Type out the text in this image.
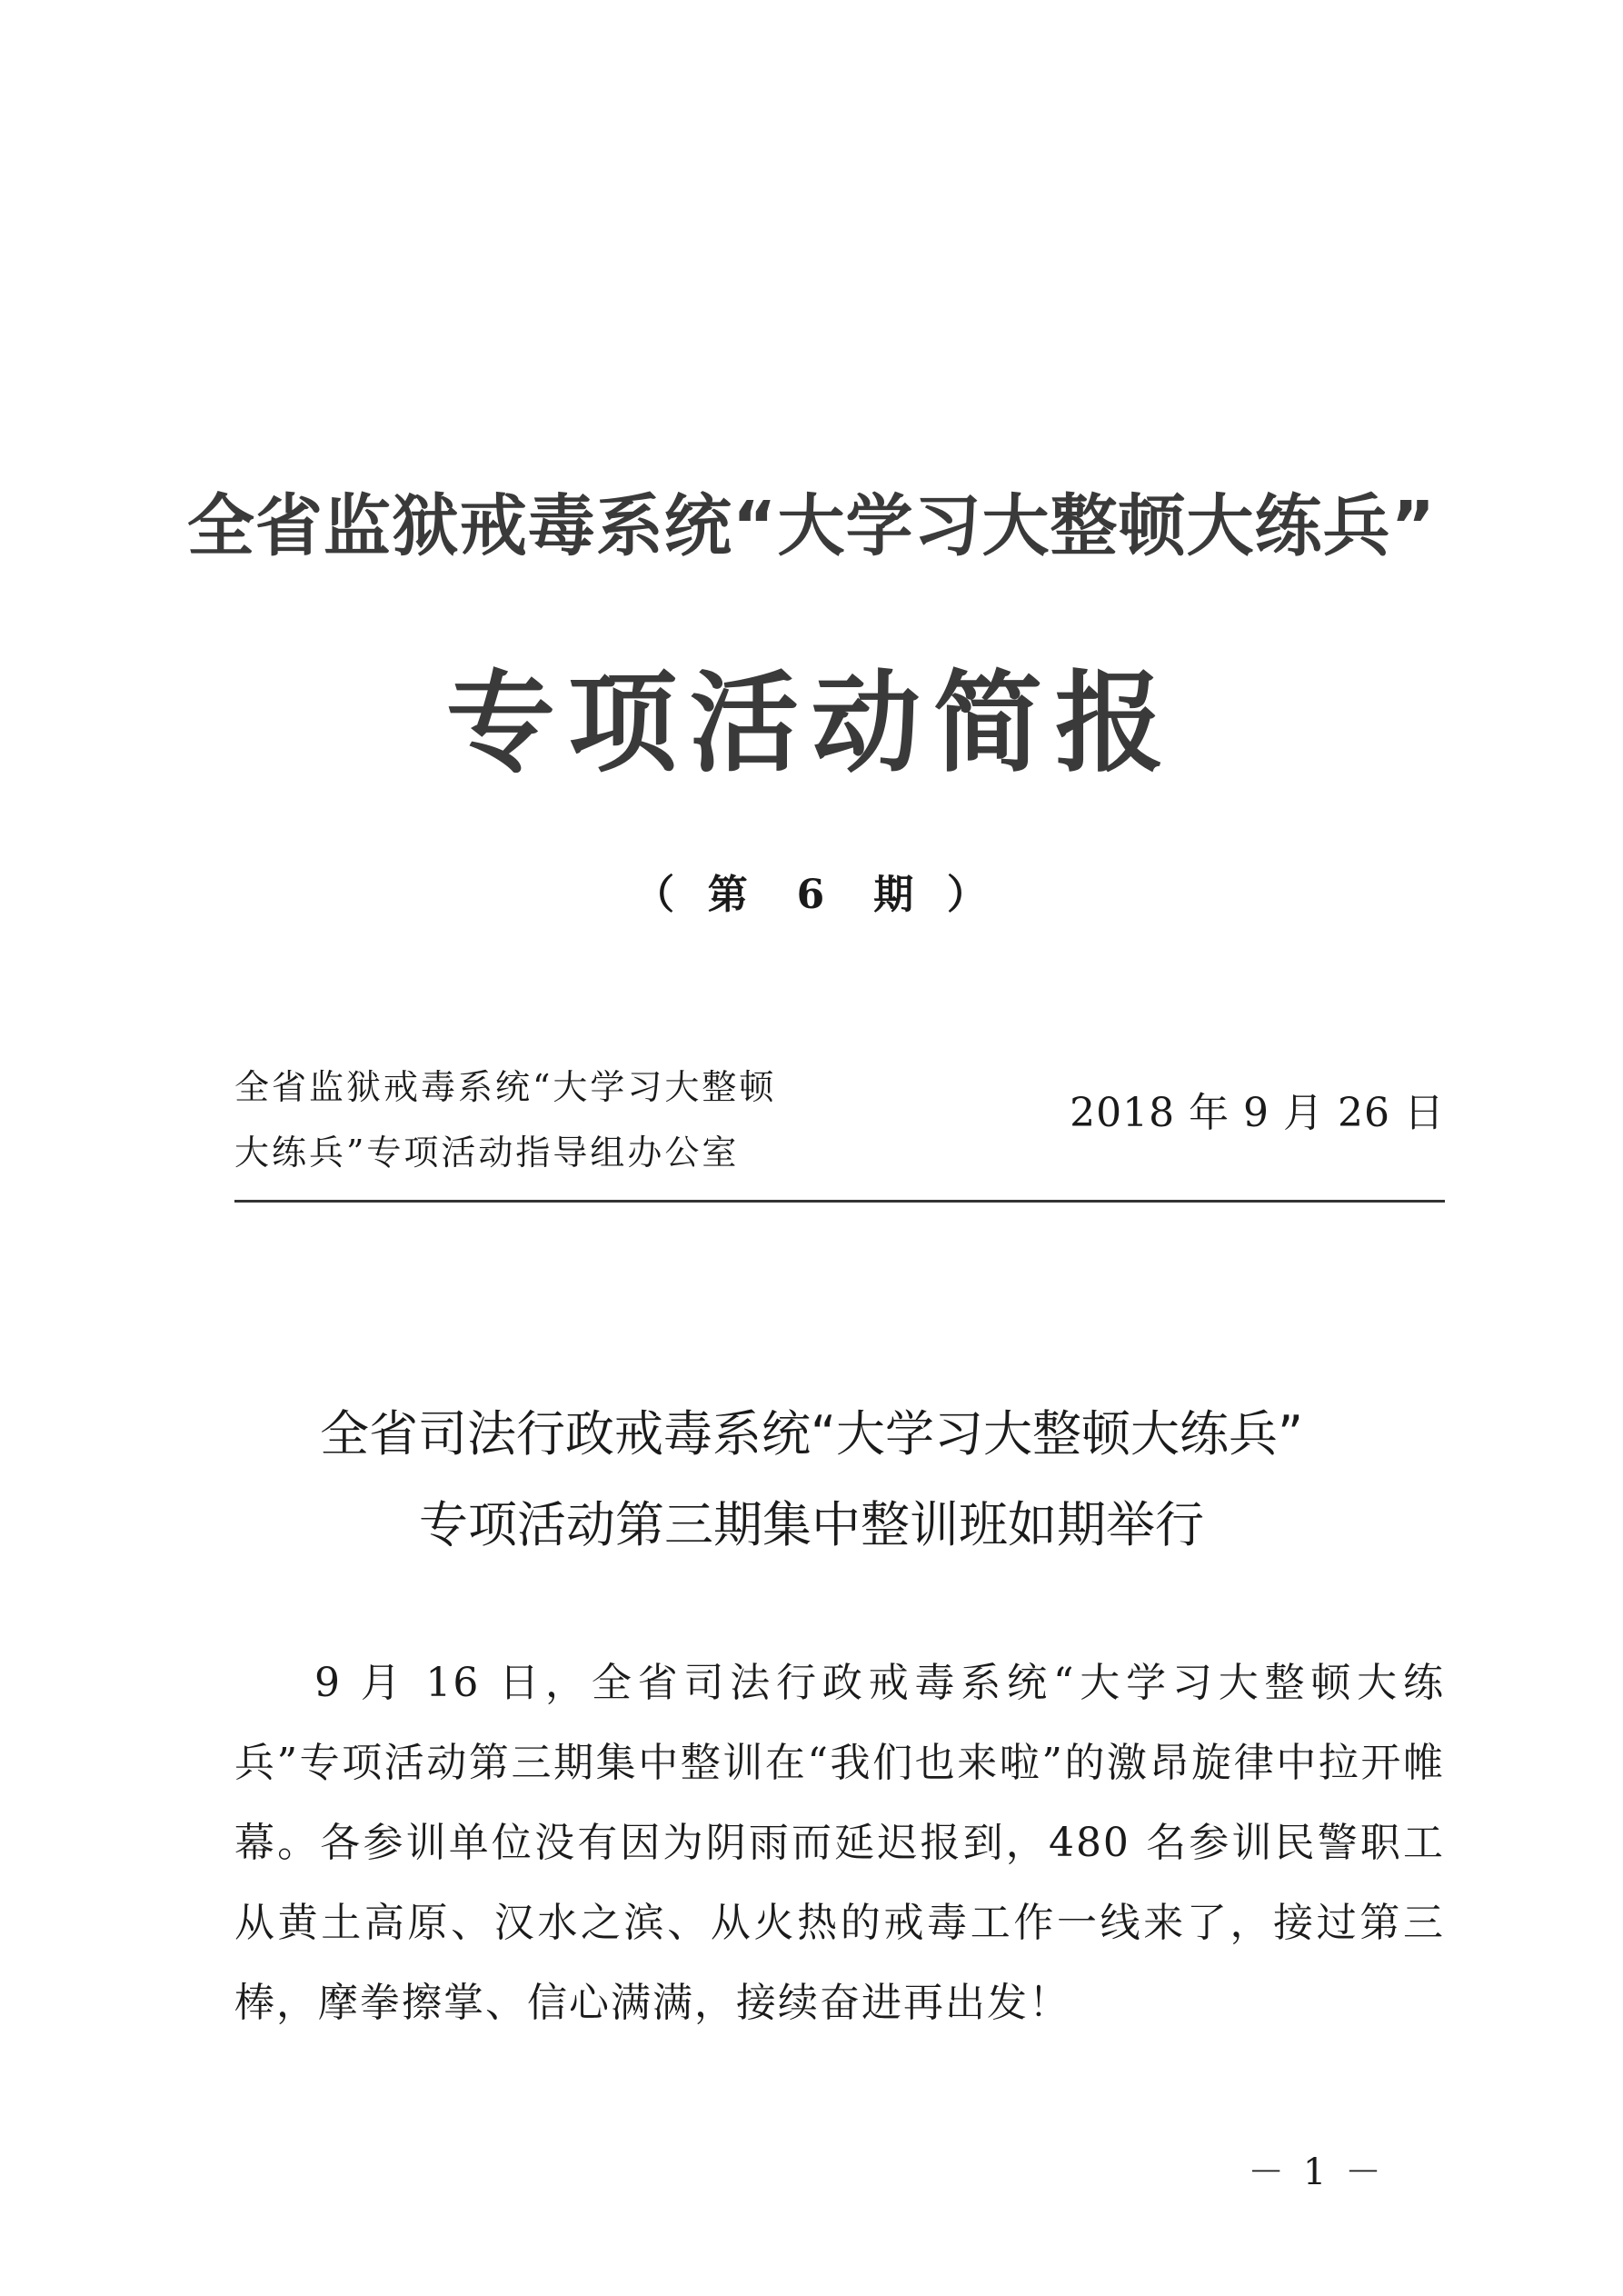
全省监狱戒毒系统“大学习大整顿大练兵”
专项活动简报
（  第   6   期  ）
全省监狱戒毒系统“大学习大整顿
大练兵”专项活动指导组办公室
2018 年 9 月 26 日
全省司法行政戒毒系统“大学习大整顿大练兵”
专项活动第三期集中整训班如期举行

9 月 16 日，全省司法行政戒毒系统“大学习大整顿大练兵”专项活动第三期集中整训在“我们也来啦”的激昂旋律中拉开帷幕。各参训单位没有因为阴雨而延迟报到，480 名参训民警职工从黄土高原、汉水之滨、从火热的戒毒工作一线来了，接过第三棒，摩拳擦掌、信心满满，接续奋进再出发！

－ 1 －
